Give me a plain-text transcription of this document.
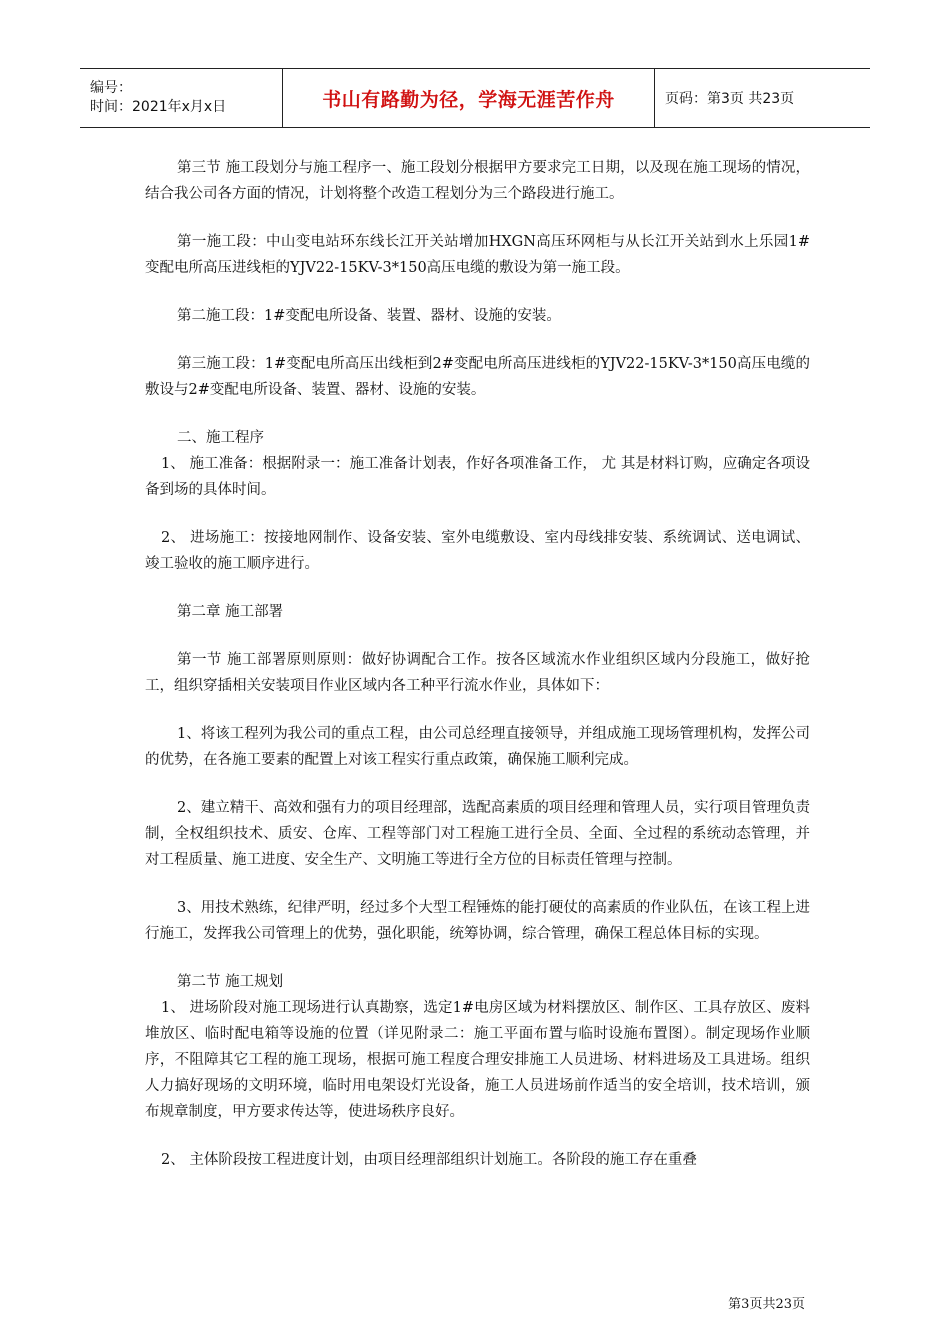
编号：
时间：2021年x月x日	书山有路勤为径，学海无涯苦作舟	页码：第3页 共23页

第三节 施工段划分与施工程序一、施工段划分根据甲方要求完工日期，以及现在施工现场的情况，结合我公司各方面的情况，计划将整个改造工程划分为三个路段进行施工。

第一施工段：中山变电站环东线长江开关站增加HXGN高压环网柜与从长江开关站到水上乐园1#变配电所高压进线柜的YJV22-15KV-3*150高压电缆的敷设为第一施工段。

第二施工段：1#变配电所设备、装置、器材、设施的安装。

第三施工段：1#变配电所高压出线柜到2#变配电所高压进线柜的YJV22-15KV-3*150高压电缆的敷设与2#变配电所设备、装置、器材、设施的安装。

二、施工程序

1、 施工准备：根据附录一：施工准备计划表，作好各项准备工作， 尤 其是材料订购，应确定各项设备到场的具体时间。

2、 进场施工：按接地网制作、设备安装、室外电缆敷设、室内母线排安装、系统调试、送电调试、竣工验收的施工顺序进行。

第二章 施工部署

第一节 施工部署原则原则：做好协调配合工作。按各区域流水作业组织区域内分段施工，做好抢工，组织穿插相关安装项目作业区域内各工种平行流水作业，具体如下：

1、将该工程列为我公司的重点工程，由公司总经理直接领导，并组成施工现场管理机构，发挥公司的优势，在各施工要素的配置上对该工程实行重点政策，确保施工顺利完成。

2、建立精干、高效和强有力的项目经理部，选配高素质的项目经理和管理人员，实行项目管理负责制，全权组织技术、质安、仓库、工程等部门对工程施工进行全员、全面、全过程的系统动态管理，并对工程质量、施工进度、安全生产、文明施工等进行全方位的目标责任管理与控制。

3、用技术熟练，纪律严明，经过多个大型工程锤炼的能打硬仗的高素质的作业队伍，在该工程上进行施工，发挥我公司管理上的优势，强化职能，统筹协调，综合管理，确保工程总体目标的实现。

第二节 施工规划

1、 进场阶段对施工现场进行认真勘察，选定1#电房区域为材料摆放区、制作区、工具存放区、废料堆放区、临时配电箱等设施的位置（详见附录二：施工平面布置与临时设施布置图）。制定现场作业顺序，不阻障其它工程的施工现场，根据可施工程度合理安排施工人员进场、材料进场及工具进场。组织人力搞好现场的文明环境，临时用电架设灯光设备，施工人员进场前作适当的安全培训，技术培训，颁布规章制度，甲方要求传达等，使进场秩序良好。

2、 主体阶段按工程进度计划，由项目经理部组织计划施工。各阶段的施工存在重叠

第3页共23页
